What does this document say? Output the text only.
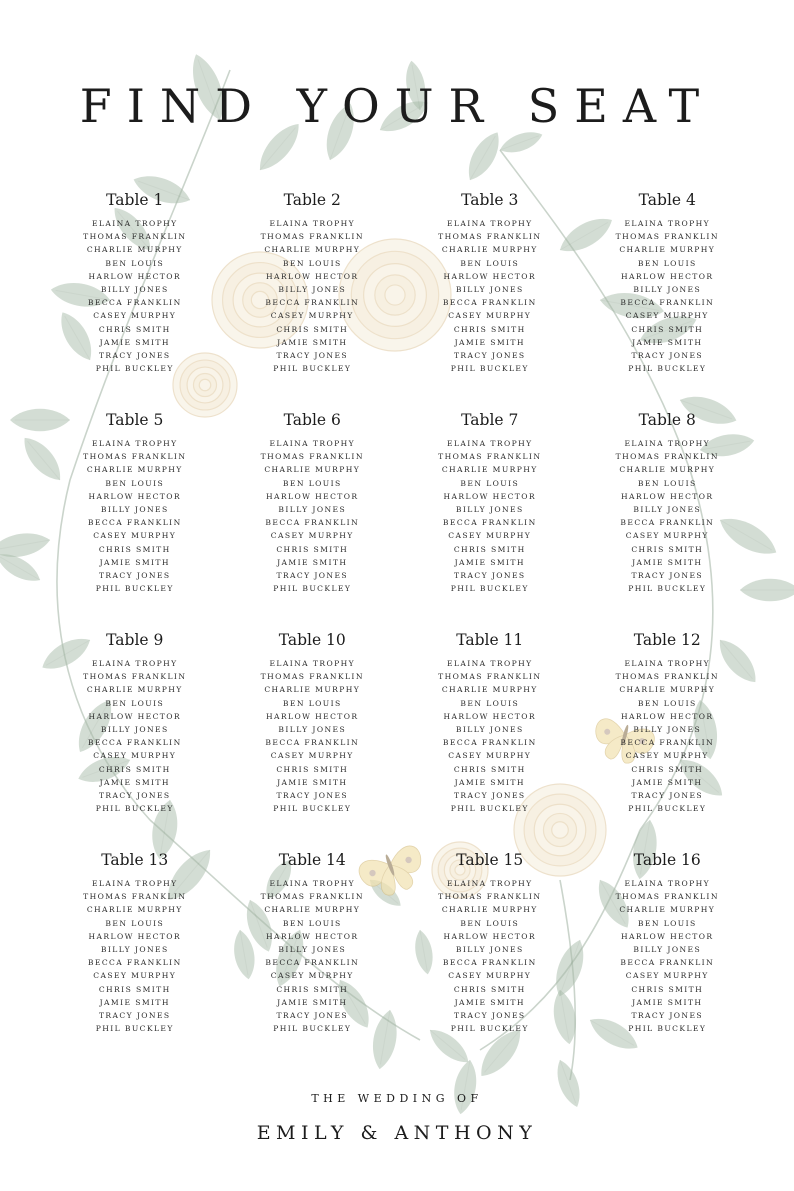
FIND YOUR SEAT
Table 1
ELAINA TROPHY
THOMAS FRANKLIN
CHARLIE MURPHY
BEN LOUIS
HARLOW HECTOR
BILLY JONES
BECCA FRANKLIN
CASEY MURPHY
CHRIS SMITH
JAMIE SMITH
TRACY JONES
PHIL BUCKLEY
Table 2
ELAINA TROPHY
THOMAS FRANKLIN
CHARLIE MURPHY
BEN LOUIS
HARLOW HECTOR
BILLY JONES
BECCA FRANKLIN
CASEY MURPHY
CHRIS SMITH
JAMIE SMITH
TRACY JONES
PHIL BUCKLEY
Table 3
ELAINA TROPHY
THOMAS FRANKLIN
CHARLIE MURPHY
BEN LOUIS
HARLOW HECTOR
BILLY JONES
BECCA FRANKLIN
CASEY MURPHY
CHRIS SMITH
JAMIE SMITH
TRACY JONES
PHIL BUCKLEY
Table 4
ELAINA TROPHY
THOMAS FRANKLIN
CHARLIE MURPHY
BEN LOUIS
HARLOW HECTOR
BILLY JONES
BECCA FRANKLIN
CASEY MURPHY
CHRIS SMITH
JAMIE SMITH
TRACY JONES
PHIL BUCKLEY
Table 5
ELAINA TROPHY
THOMAS FRANKLIN
CHARLIE MURPHY
BEN LOUIS
HARLOW HECTOR
BILLY JONES
BECCA FRANKLIN
CASEY MURPHY
CHRIS SMITH
JAMIE SMITH
TRACY JONES
PHIL BUCKLEY
Table 6
ELAINA TROPHY
THOMAS FRANKLIN
CHARLIE MURPHY
BEN LOUIS
HARLOW HECTOR
BILLY JONES
BECCA FRANKLIN
CASEY MURPHY
CHRIS SMITH
JAMIE SMITH
TRACY JONES
PHIL BUCKLEY
Table 7
ELAINA TROPHY
THOMAS FRANKLIN
CHARLIE MURPHY
BEN LOUIS
HARLOW HECTOR
BILLY JONES
BECCA FRANKLIN
CASEY MURPHY
CHRIS SMITH
JAMIE SMITH
TRACY JONES
PHIL BUCKLEY
Table 8
ELAINA TROPHY
THOMAS FRANKLIN
CHARLIE MURPHY
BEN LOUIS
HARLOW HECTOR
BILLY JONES
BECCA FRANKLIN
CASEY MURPHY
CHRIS SMITH
JAMIE SMITH
TRACY JONES
PHIL BUCKLEY
Table 9
ELAINA TROPHY
THOMAS FRANKLIN
CHARLIE MURPHY
BEN LOUIS
HARLOW HECTOR
BILLY JONES
BECCA FRANKLIN
CASEY MURPHY
CHRIS SMITH
JAMIE SMITH
TRACY JONES
PHIL BUCKLEY
Table 10
ELAINA TROPHY
THOMAS FRANKLIN
CHARLIE MURPHY
BEN LOUIS
HARLOW HECTOR
BILLY JONES
BECCA FRANKLIN
CASEY MURPHY
CHRIS SMITH
JAMIE SMITH
TRACY JONES
PHIL BUCKLEY
Table 11
ELAINA TROPHY
THOMAS FRANKLIN
CHARLIE MURPHY
BEN LOUIS
HARLOW HECTOR
BILLY JONES
BECCA FRANKLIN
CASEY MURPHY
CHRIS SMITH
JAMIE SMITH
TRACY JONES
PHIL BUCKLEY
Table 12
ELAINA TROPHY
THOMAS FRANKLIN
CHARLIE MURPHY
BEN LOUIS
HARLOW HECTOR
BILLY JONES
BECCA FRANKLIN
CASEY MURPHY
CHRIS SMITH
JAMIE SMITH
TRACY JONES
PHIL BUCKLEY
Table 13
ELAINA TROPHY
THOMAS FRANKLIN
CHARLIE MURPHY
BEN LOUIS
HARLOW HECTOR
BILLY JONES
BECCA FRANKLIN
CASEY MURPHY
CHRIS SMITH
JAMIE SMITH
TRACY JONES
PHIL BUCKLEY
Table 14
ELAINA TROPHY
THOMAS FRANKLIN
CHARLIE MURPHY
BEN LOUIS
HARLOW HECTOR
BILLY JONES
BECCA FRANKLIN
CASEY MURPHY
CHRIS SMITH
JAMIE SMITH
TRACY JONES
PHIL BUCKLEY
Table 15
ELAINA TROPHY
THOMAS FRANKLIN
CHARLIE MURPHY
BEN LOUIS
HARLOW HECTOR
BILLY JONES
BECCA FRANKLIN
CASEY MURPHY
CHRIS SMITH
JAMIE SMITH
TRACY JONES
PHIL BUCKLEY
Table 16
ELAINA TROPHY
THOMAS FRANKLIN
CHARLIE MURPHY
BEN LOUIS
HARLOW HECTOR
BILLY JONES
BECCA FRANKLIN
CASEY MURPHY
CHRIS SMITH
JAMIE SMITH
TRACY JONES
PHIL BUCKLEY
THE WEDDING OF
EMILY & ANTHONY
